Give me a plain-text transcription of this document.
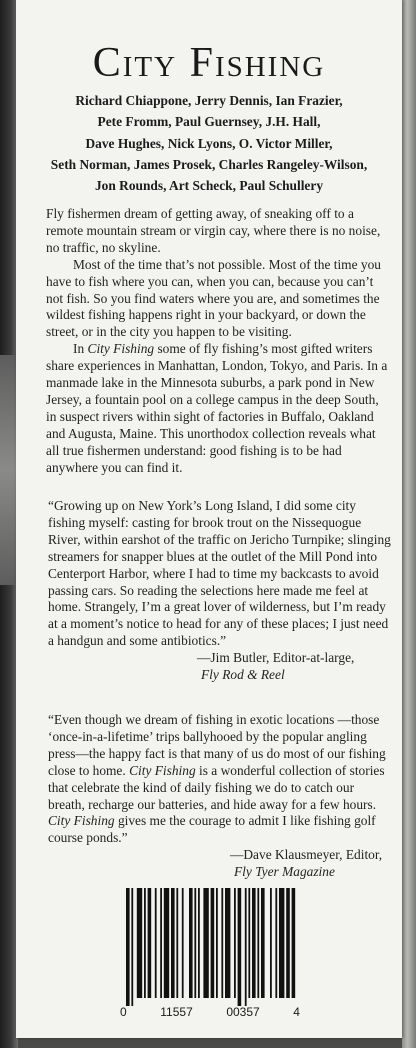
City Fishing
Richard Chiappone, Jerry Dennis, Ian Frazier,
Pete Fromm, Paul Guernsey, J.H. Hall,
Dave Hughes, Nick Lyons, O. Victor Miller,
Seth Norman, James Prosek, Charles Rangeley-Wilson,
Jon Rounds, Art Scheck, Paul Schullery

Fly fishermen dream of getting away, of sneaking off to a remote mountain stream or virgin cay, where there is no noise, no traffic, no skyline.

Most of the time that’s not possible. Most of the time you have to fish where you can, when you can, because you can’t not fish. So you find waters where you are, and sometimes the wildest fishing happens right in your backyard, or down the street, or in the city you happen to be visiting.

In City Fishing some of fly fishing’s most gifted writers share experiences in Manhattan, London, Tokyo, and Paris. In a manmade lake in the Minnesota suburbs, a park pond in New Jersey, a fountain pool on a college campus in the deep South, in suspect rivers within sight of factories in Buffalo, Oakland and Augusta, Maine. This unorthodox collection reveals what all true fishermen understand: good fishing is to be had anywhere you can find it.

“Growing up on New York’s Long Island, I did some city fishing myself: casting for brook trout on the Nissequogue River, within earshot of the traffic on Jericho Turnpike; slinging streamers for snapper blues at the outlet of the Mill Pond into Centerport Harbor, where I had to time my backcasts to avoid passing cars. So reading the selections here made me feel at home. Strangely, I’m a great lover of wilderness, but I’m ready at a moment’s notice to head for any of these places; I just need a handgun and some antibiotics.”

—Jim Butler, Editor-at-large,
Fly Rod & Reel

“Even though we dream of fishing in exotic locations —those ‘once-in-a-lifetime’ trips ballyhooed by the popular angling press—the happy fact is that many of us do most of our fishing close to home. City Fishing is a wonderful collection of stories that celebrate the kind of daily fishing we do to catch our breath, recharge our batteries, and hide away for a few hours. City Fishing gives me the courage to admit I like fishing golf course ponds.”

—Dave Klausmeyer, Editor,
Fly Tyer Magazine
0	11557	00357	4
